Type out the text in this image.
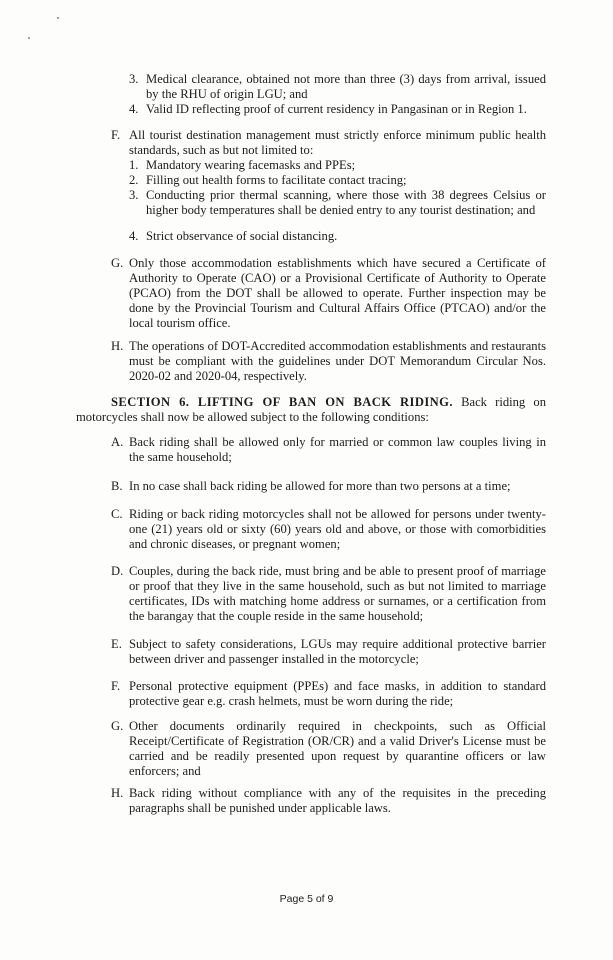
3. Medical clearance, obtained not more than three (3) days from arrival, issued by the RHU of origin LGU; and
4. Valid ID reflecting proof of current residency in Pangasinan or in Region 1.
F. All tourist destination management must strictly enforce minimum public health standards, such as but not limited to:
1. Mandatory wearing facemasks and PPEs;
2. Filling out health forms to facilitate contact tracing;
3. Conducting prior thermal scanning, where those with 38 degrees Celsius or higher body temperatures shall be denied entry to any tourist destination; and
4. Strict observance of social distancing.
G. Only those accommodation establishments which have secured a Certificate of Authority to Operate (CAO) or a Provisional Certificate of Authority to Operate (PCAO) from the DOT shall be allowed to operate. Further inspection may be done by the Provincial Tourism and Cultural Affairs Office (PTCAO) and/or the local tourism office.
H. The operations of DOT-Accredited accommodation establishments and restaurants must be compliant with the guidelines under DOT Memorandum Circular Nos. 2020-02 and 2020-04, respectively.
SECTION 6. LIFTING OF BAN ON BACK RIDING. Back riding on motorcycles shall now be allowed subject to the following conditions:
A. Back riding shall be allowed only for married or common law couples living in the same household;
B. In no case shall back riding be allowed for more than two persons at a time;
C. Riding or back riding motorcycles shall not be allowed for persons under twenty-one (21) years old or sixty (60) years old and above, or those with comorbidities and chronic diseases, or pregnant women;
D. Couples, during the back ride, must bring and be able to present proof of marriage or proof that they live in the same household, such as but not limited to marriage certificates, IDs with matching home address or surnames, or a certification from the barangay that the couple reside in the same household;
E. Subject to safety considerations, LGUs may require additional protective barrier between driver and passenger installed in the motorcycle;
F. Personal protective equipment (PPEs) and face masks, in addition to standard protective gear e.g. crash helmets, must be worn during the ride;
G. Other documents ordinarily required in checkpoints, such as Official Receipt/Certificate of Registration (OR/CR) and a valid Driver's License must be carried and be readily presented upon request by quarantine officers or law enforcers; and
H. Back riding without compliance with any of the requisites in the preceding paragraphs shall be punished under applicable laws.
Page 5 of 9
